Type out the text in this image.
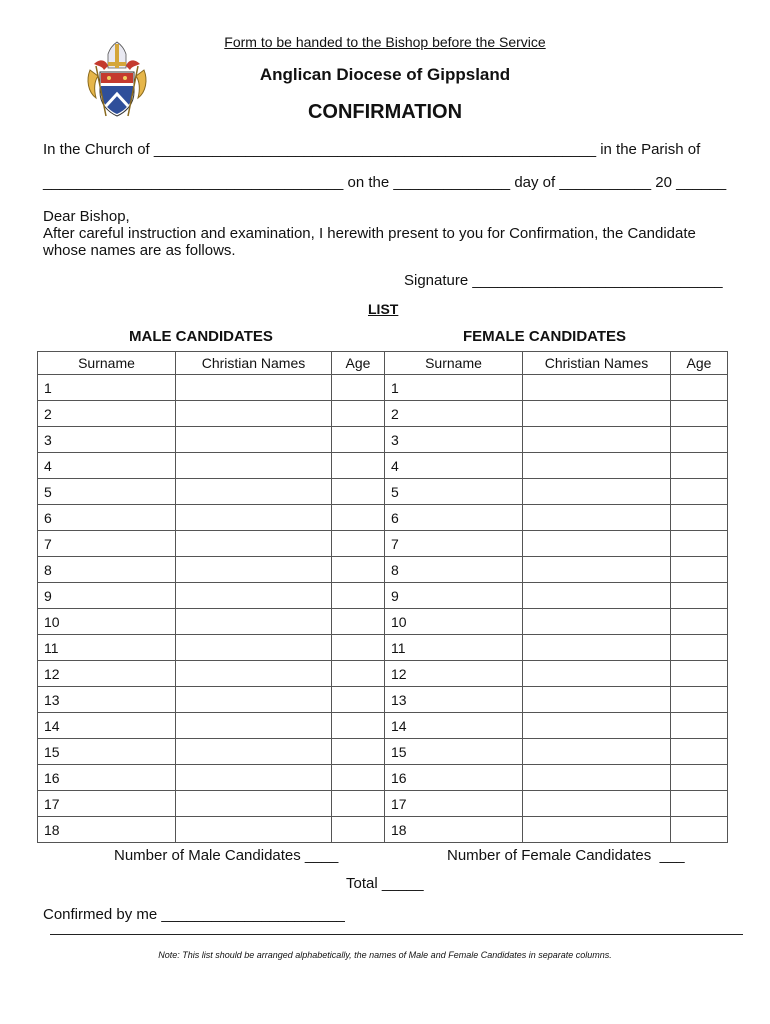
Form to be handed to the Bishop before the Service
Anglican Diocese of Gippsland
CONFIRMATION
In the Church of _____________________________________________________ in the Parish of
____________________________________ on the ______________ day of ___________ 20 ______
Dear Bishop,
After careful instruction and examination, I herewith present to you for Confirmation, the Candidate
whose names are as follows.
Signature ______________________________
LIST
MALE CANDIDATES	FEMALE CANDIDATES
Surname	Christian Names	Age	Surname	Christian Names	Age
1			1		
2			2		
3			3		
4			4		
5			5		
6			6		
7			7		
8			8		
9			9		
10			10		
11			11		
12			12		
13			13		
14			14		
15			15		
16			16		
17			17		
18			18		
Number of Male Candidates ____	Number of Female Candidates  ___
Total _____
Confirmed by me ______________________
Note: This list should be arranged alphabetically, the names of Male and Female Candidates in separate columns.
